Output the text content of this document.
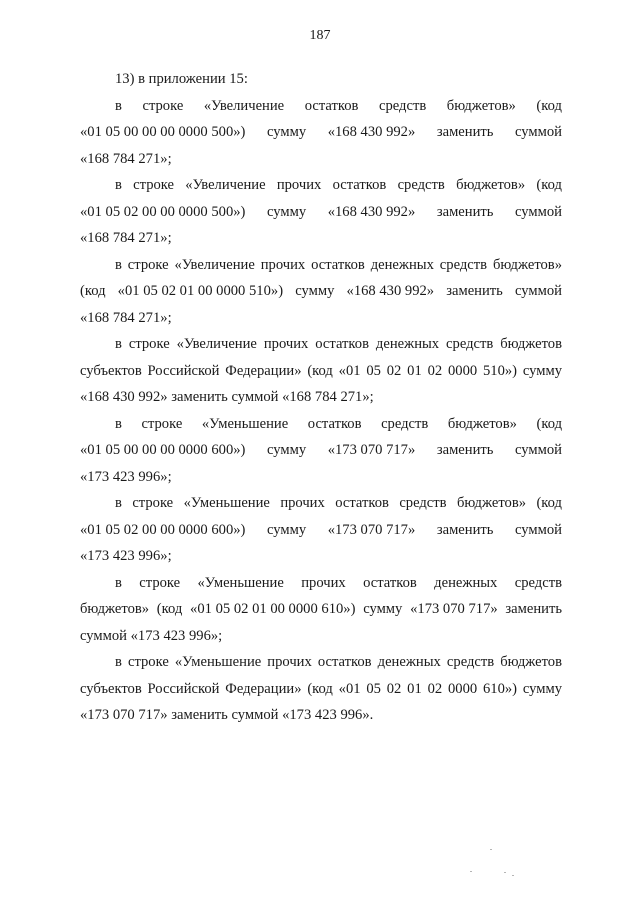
187

13) в приложении 15:

в строке «Увеличение остатков средств бюджетов» (код
«01 05 00 00 00 0000 500») сумму «168 430 992» заменить суммой
«168 784 271»;
в строке «Увеличение прочих остатков средств бюджетов» (код
«01 05 02 00 00 0000 500») сумму «168 430 992» заменить суммой
«168 784 271»;
в строке «Увеличение прочих остатков денежных средств бюджетов»
(код «01 05 02 01 00 0000 510») сумму «168 430 992» заменить суммой
«168 784 271»;
в строке «Увеличение прочих остатков денежных средств бюджетов
субъектов Российской Федерации» (код «01 05 02 01 02 0000 510») сумму
«168 430 992» заменить суммой «168 784 271»;
в строке «Уменьшение остатков средств бюджетов» (код
«01 05 00 00 00 0000 600») сумму «173 070 717» заменить суммой
«173 423 996»;
в строке «Уменьшение прочих остатков средств бюджетов» (код
«01 05 02 00 00 0000 600») сумму «173 070 717» заменить суммой
«173 423 996»;
в строке «Уменьшение прочих остатков денежных средств
бюджетов» (код «01 05 02 01 00 0000 610») сумму «173 070 717» заменить
суммой «173 423 996»;
в строке «Уменьшение прочих остатков денежных средств бюджетов
субъектов Российской Федерации» (код «01 05 02 01 02 0000 610») сумму
«173 070 717» заменить суммой «173 423 996».
